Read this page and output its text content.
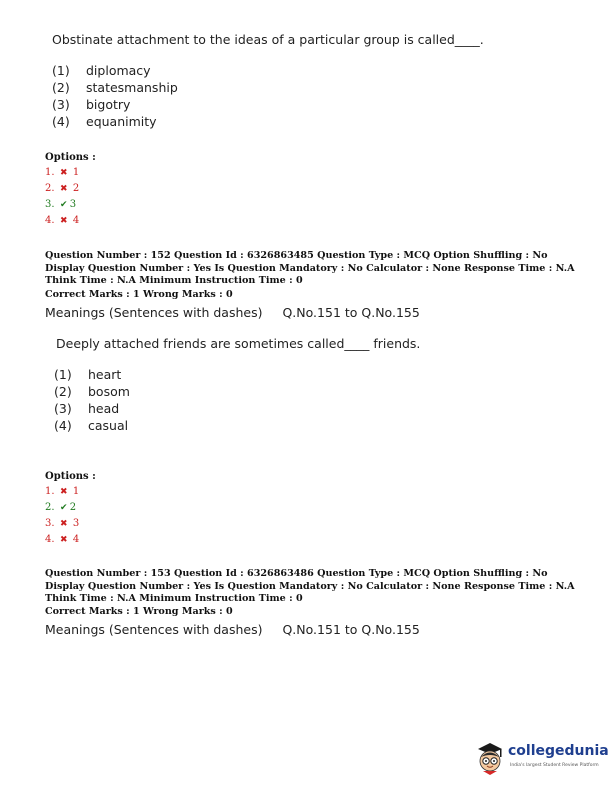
Obstinate attachment to the ideas of a particular group is called____.
(1) diplomacy
(2) statesmanship
(3) bigotry
(4) equanimity
Options :
1. ✖ 1
2. ✖ 2
3. ✔ 3
4. ✖ 4
Question Number : 152 Question Id : 6326863485 Question Type : MCQ Option Shuffling : No Display Question Number : Yes Is Question Mandatory : No Calculator : None Response Time : N.A Think Time : N.A Minimum Instruction Time : 0
Correct Marks : 1 Wrong Marks : 0
Meanings (Sentences with dashes) Q.No.151 to Q.No.155
Deeply attached friends are sometimes called____ friends.
(1) heart
(2) bosom
(3) head
(4) casual
Options :
1. ✖ 1
2. ✔ 2
3. ✖ 3
4. ✖ 4
Question Number : 153 Question Id : 6326863486 Question Type : MCQ Option Shuffling : No Display Question Number : Yes Is Question Mandatory : No Calculator : None Response Time : N.A Think Time : N.A Minimum Instruction Time : 0
Correct Marks : 1 Wrong Marks : 0
Meanings (Sentences with dashes) Q.No.151 to Q.No.155
collegedunia
India's largest Student Review Platform
